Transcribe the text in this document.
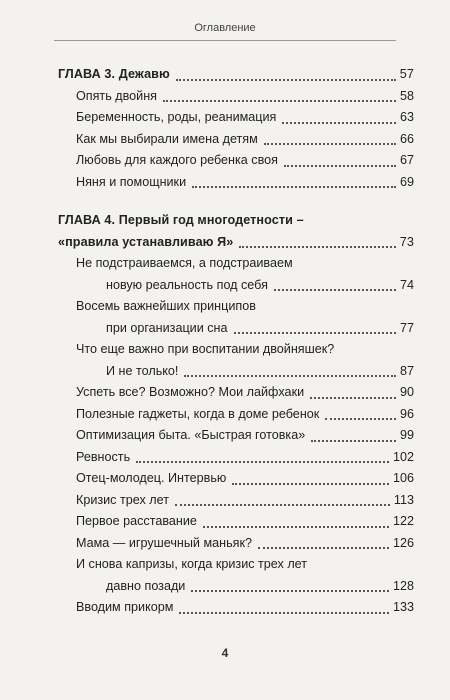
Оглавление
ГЛАВА 3. Дежавю	57
Опять двойня	58
Беременность, роды, реанимация	63
Как мы выбирали имена детям	66
Любовь для каждого ребенка своя	67
Няня и помощники	69
ГЛАВА 4. Первый год многодетности –
«правила устанавливаю Я»	73
Не подстраиваемся, а подстраиваем
новую реальность под себя	74
Восемь важнейших принципов
при организации сна	77
Что еще важно при воспитании двойняшек?
И не только!	87
Успеть все? Возможно? Мои лайфхаки	90
Полезные гаджеты, когда в доме ребенок	96
Оптимизация быта. «Быстрая готовка»	99
Ревность	102
Отец-молодец. Интервью	106
Кризис трех лет	113
Первое расставание	122
Мама — игрушечный маньяк?	126
И снова капризы, когда кризис трех лет
давно позади	128
Вводим прикорм	133
4
